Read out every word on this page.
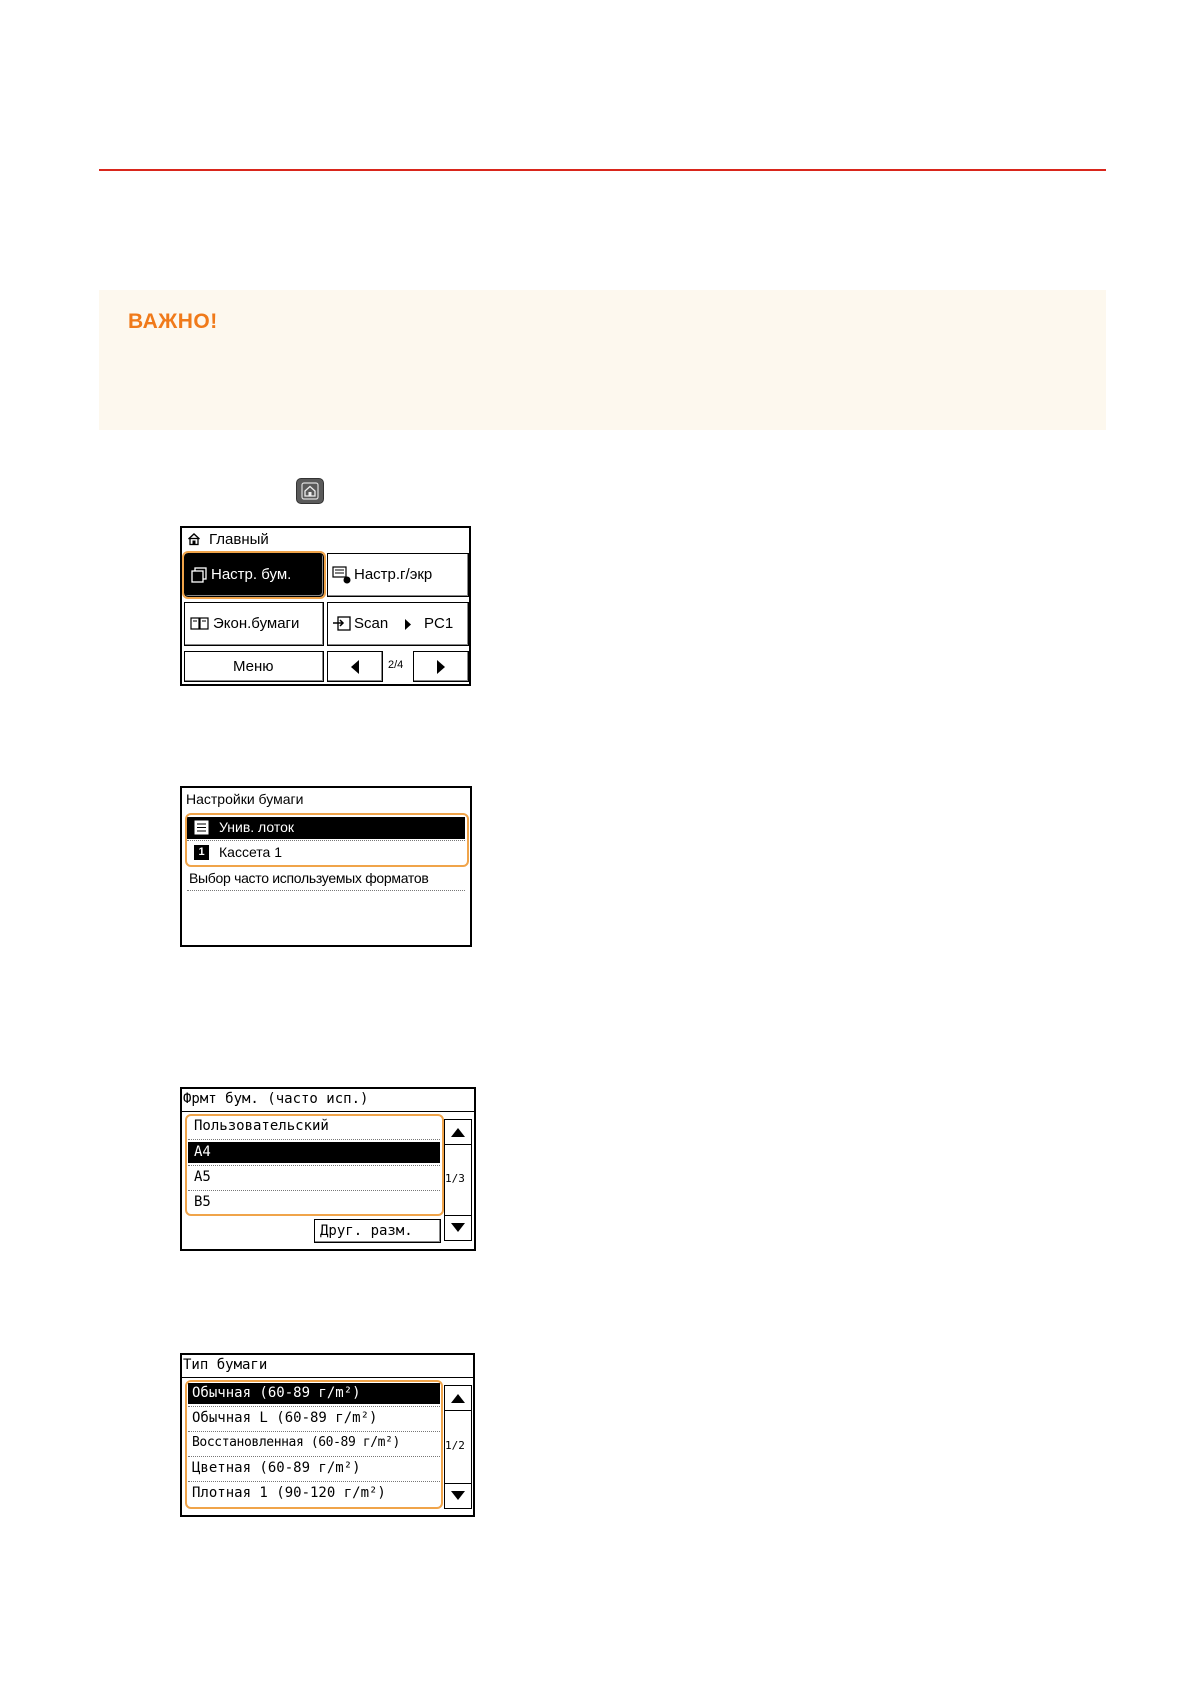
ВАЖНО!
Главный
Настр. бум.	Настр.г/экр
Экон.бумаги	Scan PC1
Меню	2/4
Настройки бумаги
Унив. лоток
1	Кассета 1
Выбор часто используемых форматов
Фрмт бум. (часто исп.)
Пользовательский
A4
A5
B5
1/3
Друг. разм.
Тип бумаги
Обычная (60-89 г/m²)
Обычная L (60-89 г/m²)
Восстановленная (60-89 г/m²)
Цветная (60-89 г/m²)
Плотная 1 (90-120 г/m²)
1/2
